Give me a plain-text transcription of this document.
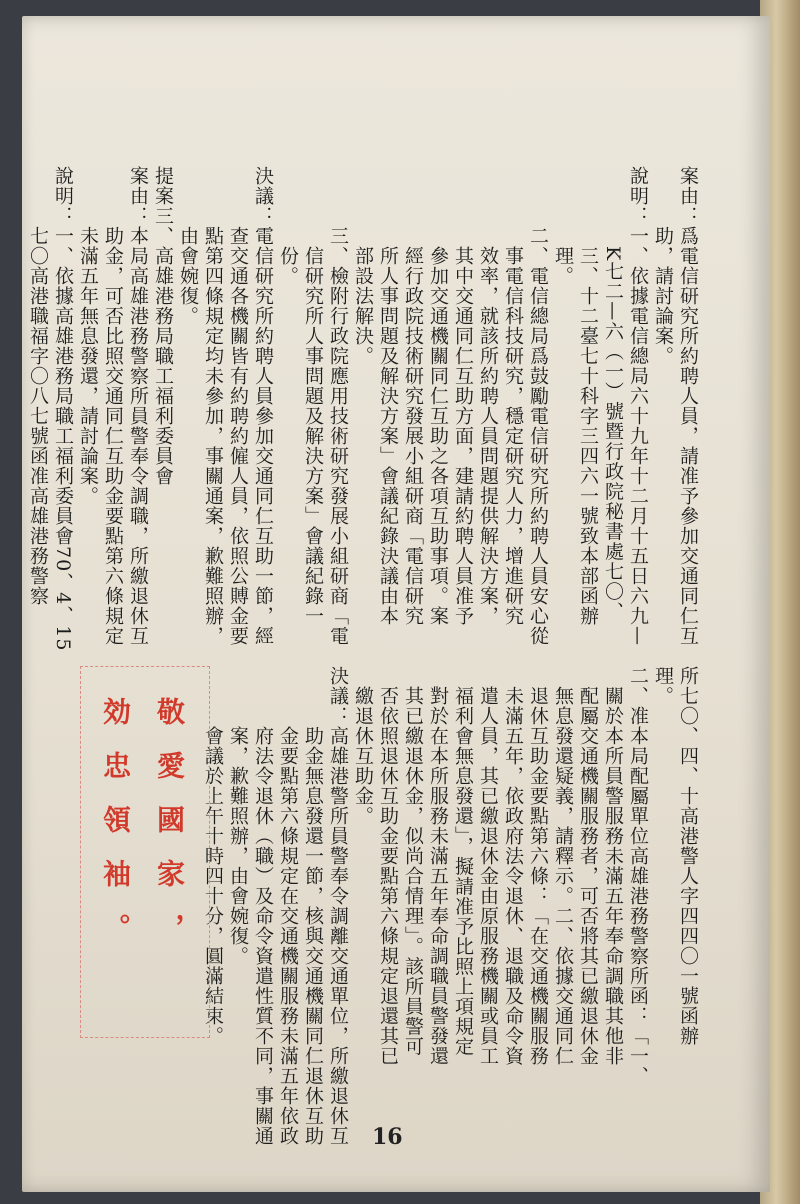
案由：爲電信研究所約聘人員，請准予參加交通同仁互
　　　助，請討論案。
說明：一、依據電信總局六十九年十二月十五日六九—
　　　　K七二—六（一）號暨行政院秘書處七〇、
　　　　三、十二臺七十科字三四六一號致本部函辦
　　　　理。
　　　二、電信總局爲鼓勵電信研究所約聘人員安心從
　　　　事電信科技研究，穩定研究人力，增進研究
　　　　效率，就該所約聘人員問題提供解決方案，
　　　　其中交通同仁互助方面，建請約聘人員准予
　　　　參加交通機關同仁互助之各項互助事項。案
　　　　經行政院技術研究發展小組研商「電信研究
　　　　所人事問題及解決方案」會議紀錄決議由本
　　　　部設法解決。
　　　三、檢附行政院應用技術研究發展小組研商「電
　　　　信研究所人事問題及解決方案」會議紀錄一
　　　　份。
決議：電信研究所約聘人員參加交通同仁互助一節，經
　　　查交通各機關皆有約聘約僱人員，依照公賻金要
　　　點第四條規定均未參加，事關通案，歉難照辦，
　　　由會婉復。
提案三、高雄港務局職工福利委員會
案由：本局高雄港務警察所員警奉令調職，所繳退休互
　　　助金，可否比照交通同仁互助金要點第六條規定
　　　未滿五年無息發還，請討論案。
說明：一、依據高雄港務局職工福利委員會70、4、15
　　　七〇高港職福字〇八七號函准高雄港務警察
所七〇、四、十高港警人字四四〇一號函辦
理。
二、准本局配屬單位高雄港務警察所函：「一、
　關於本所員警服務未滿五年奉命調職其他非
　配屬交通機關服務者，可否將其已繳退休金
　無息發還疑義，請釋示。二、依據交通同仁
　退休互助金要點第六條：「在交通機關服務
　未滿五年，依政府法令退休、退職及命令資
　遣人員，其已繳退休金由原服務機關或員工
　福利會無息發還」，擬請准予比照上項規定
　對於在本所服務未滿五年奉命調職員警發還
　其已繳退休金，似尚合情理」。該所員警可
　否依照退休互助金要點第六條規定退還其已
　繳退休互助金。
決議：高雄港警所員警奉令調離交通單位，所繳退休互
　　　助金無息發還一節，核與交通機關同仁退休互助
　　　金要點第六條規定在交通機關服務未滿五年依政
　　　府法令退休（職）及命令資遣性質不同，事關通
　　　案，歉難照辦，由會婉復。
　　　會議於上午十時四十分，圓滿結束。
敬愛國家，
効忠領袖。
16
